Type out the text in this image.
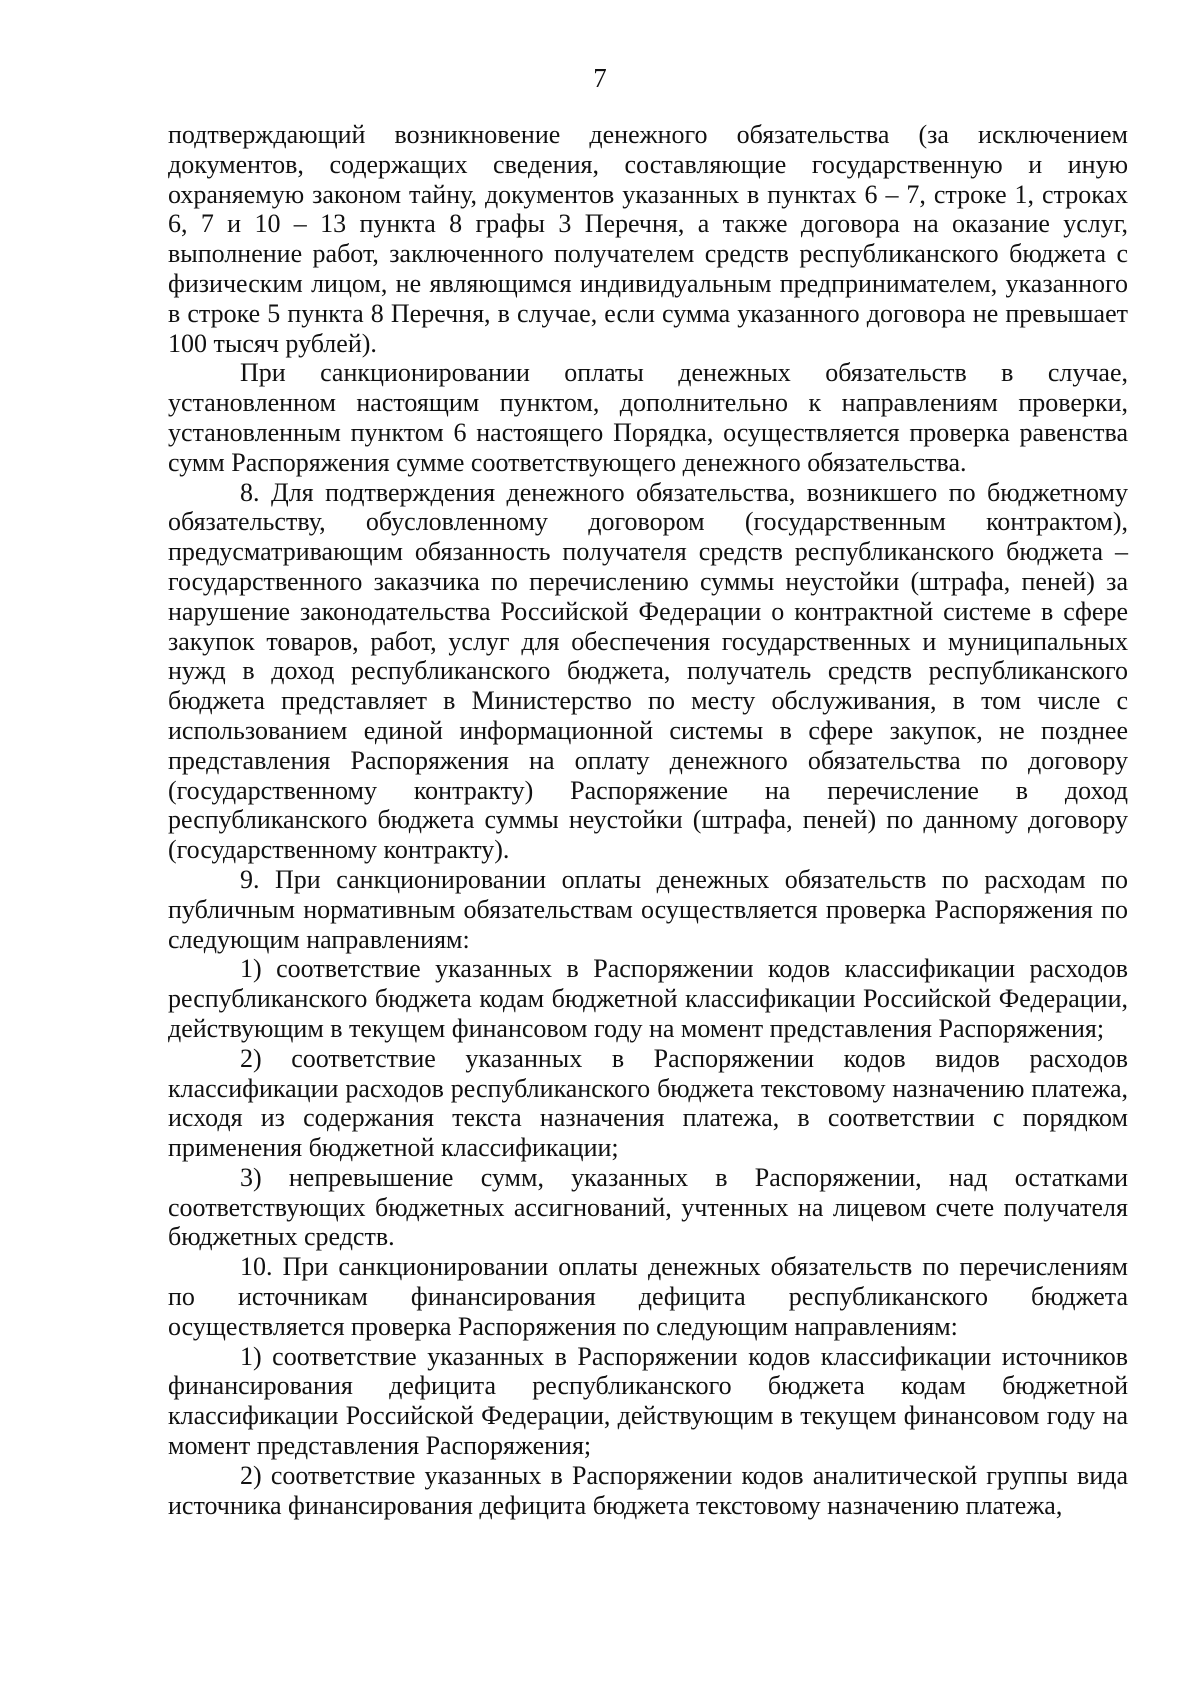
7

подтверждающий возникновение денежного обязательства (за исключением документов, содержащих сведения, составляющие государственную и иную охраняемую законом тайну, документов указанных в пунктах 6 – 7, строке 1, строках 6, 7 и 10 – 13 пункта 8 графы 3 Перечня, а также договора на оказание услуг, выполнение работ, заключенного получателем средств республиканского бюджета с физическим лицом, не являющимся индивидуальным предпринимателем, указанного в строке 5 пункта 8 Перечня, в случае, если сумма указанного договора не превышает 100 тысяч рублей).

При санкционировании оплаты денежных обязательств в случае, установленном настоящим пунктом, дополнительно к направлениям проверки, установленным пунктом 6 настоящего Порядка, осуществляется проверка равенства сумм Распоряжения сумме соответствующего денежного обязательства.

8. Для подтверждения денежного обязательства, возникшего по бюджетному обязательству, обусловленному договором (государственным контрактом), предусматривающим обязанность получателя средств республиканского бюджета – государственного заказчика по перечислению суммы неустойки (штрафа, пеней) за нарушение законодательства Российской Федерации о контрактной системе в сфере закупок товаров, работ, услуг для обеспечения государственных и муниципальных нужд в доход республиканского бюджета, получатель средств республиканского бюджета представляет в Министерство по месту обслуживания, в том числе с использованием единой информационной системы в сфере закупок, не позднее представления Распоряжения на оплату денежного обязательства по договору (государственному контракту) Распоряжение на перечисление в доход республиканского бюджета суммы неустойки (штрафа, пеней) по данному договору (государственному контракту).

9. При санкционировании оплаты денежных обязательств по расходам по публичным нормативным обязательствам осуществляется проверка Распоряжения по следующим направлениям:

1) соответствие указанных в Распоряжении кодов классификации расходов республиканского бюджета кодам бюджетной классификации Российской Федерации, действующим в текущем финансовом году на момент представления Распоряжения;

2) соответствие указанных в Распоряжении кодов видов расходов классификации расходов республиканского бюджета текстовому назначению платежа, исходя из содержания текста назначения платежа, в соответствии с порядком применения бюджетной классификации;

3) непревышение сумм, указанных в Распоряжении, над остатками соответствующих бюджетных ассигнований, учтенных на лицевом счете получателя бюджетных средств.

10. При санкционировании оплаты денежных обязательств по перечислениям по источникам финансирования дефицита республиканского бюджета осуществляется проверка Распоряжения по следующим направлениям:

1) соответствие указанных в Распоряжении кодов классификации источников финансирования дефицита республиканского бюджета кодам бюджетной классификации Российской Федерации, действующим в текущем финансовом году на момент представления Распоряжения;

2) соответствие указанных в Распоряжении кодов аналитической группы вида источника финансирования дефицита бюджета текстовому назначению платежа,
